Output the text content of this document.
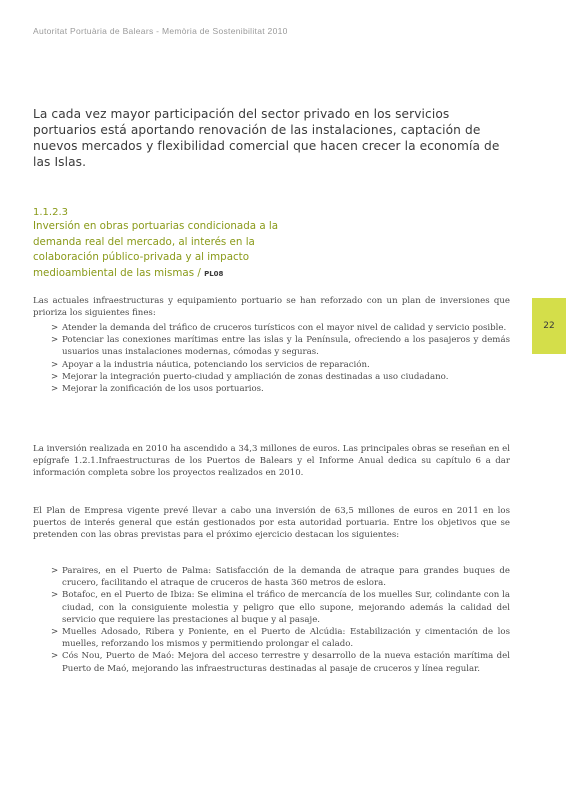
Autoritat Portuària de Balears - Memòria de Sostenibilitat 2010
La cada vez mayor participación del sector privado en los servicios portuarios está aportando renovación de las instalaciones, captación de nuevos mercados y flexibilidad comercial que hacen crecer la economía de las Islas.
1.1.2.3
Inversión en obras portuarias condicionada a la demanda real del mercado, al interés en la colaboración público-privada y al impacto medioambiental de las mismas / PL08

Las actuales infraestructuras y equipamiento portuario se han reforzado con un plan de inversiones que prioriza los siguientes fines:

> Atender la demanda del tráfico de cruceros turísticos con el mayor nivel de calidad y servicio posible.
> Potenciar las conexiones marítimas entre las islas y la Península, ofreciendo a los pasajeros y demás usuarios unas instalaciones modernas, cómodas y seguras.
> Apoyar a la industria náutica, potenciando los servicios de reparación.
> Mejorar la integración puerto-ciudad y ampliación de zonas destinadas a uso ciudadano.
> Mejorar la zonificación de los usos portuarios.

La inversión realizada en 2010 ha ascendido a 34,3 millones de euros. Las principales obras se reseñan en el epígrafe 1.2.1.Infraestructuras de los Puertos de Balears y el Informe Anual dedica su capítulo 6 a dar información completa sobre los proyectos realizados en 2010.

El Plan de Empresa vigente prevé llevar a cabo una inversión de 63,5 millones de euros en 2011 en los puertos de interés general que están gestionados por esta autoridad portuaria. Entre los objetivos que se pretenden con las obras previstas para el próximo ejercicio destacan los siguientes:

> Paraires, en el Puerto de Palma: Satisfacción de la demanda de atraque para grandes buques de crucero, facilitando el atraque de cruceros de hasta 360 metros de eslora.
> Botafoc, en el Puerto de Ibiza: Se elimina el tráfico de mercancía de los muelles Sur, colindante con la ciudad, con la consiguiente molestia y peligro que ello supone, mejorando además la calidad del servicio que requiere las prestaciones al buque y al pasaje.
> Muelles Adosado, Ribera y Poniente, en el Puerto de Alcúdia: Estabilización y cimentación de los muelles, reforzando los mismos y permitiendo prolongar el calado.
> Cós Nou, Puerto de Maó: Mejora del acceso terrestre y desarrollo de la nueva estación marítima del Puerto de Maó, mejorando las infraestructuras destinadas al pasaje de cruceros y línea regular.
22
